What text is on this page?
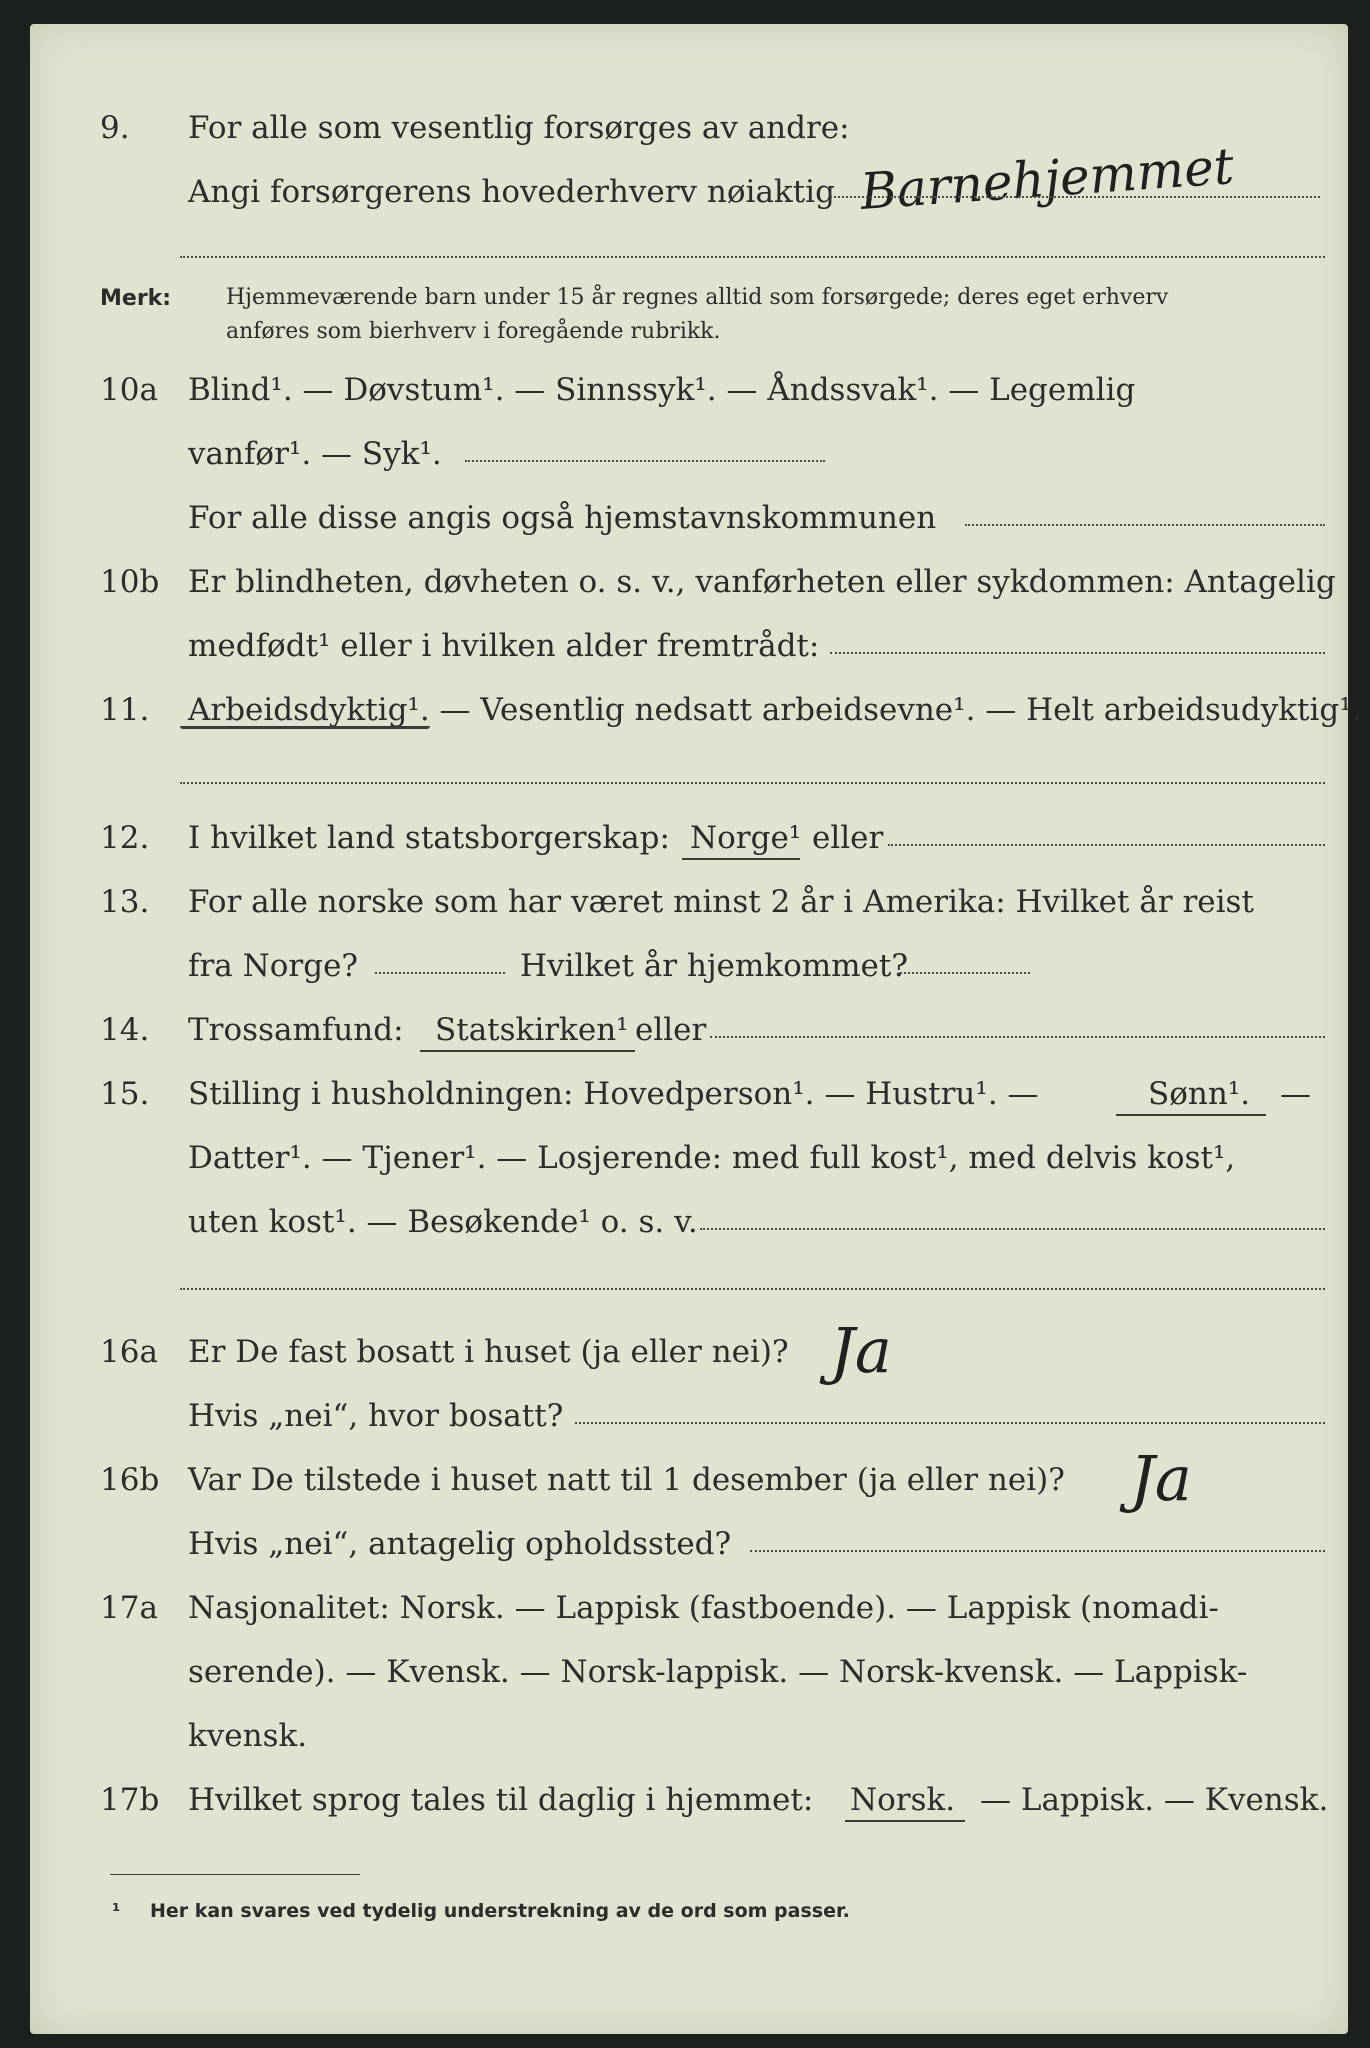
9.	For alle som vesentlig forsørges av andre:
Angi forsørgerens hovederhverv nøiaktig Barnehjemmet
Merk: Hjemmeværende barn under 15 år regnes alltid som forsørgede; deres eget erhverv
anføres som bierhverv i foregående rubrikk.
10a Blind¹. — Døvstum¹. — Sinnssyk¹. — Åndssvak¹. — Legemlig
vanfør¹. — Syk¹.
For alle disse angis også hjemstavnskommunen
10b Er blindheten, døvheten o. s. v., vanførheten eller sykdommen: Antagelig
medfødt¹ eller i hvilken alder fremtrådt:
11.	Arbeidsdyktig¹. — Vesentlig nedsatt arbeidsevne¹. — Helt arbeidsudyktig¹.
12.	I hvilket land statsborgerskap: Norge¹ eller
13.	For alle norske som har været minst 2 år i Amerika: Hvilket år reist
fra Norge?	Hvilket år hjemkommet?
14.	Trossamfund: Statskirken¹ eller
15.	Stilling i husholdningen: Hovedperson¹. — Hustru¹. —	Sønn¹. —
Datter¹. — Tjener¹. — Losjerende: med full kost¹, med delvis kost¹,
uten kost¹. — Besøkende¹ o. s. v.
16a Er De fast bosatt i huset (ja eller nei)? Ja
Hvis „nei“, hvor bosatt?
16b Var De tilstede i huset natt til 1 desember (ja eller nei)? Ja
Hvis „nei“, antagelig opholdssted?
17a Nasjonalitet: Norsk. — Lappisk (fastboende). — Lappisk (nomadi-
serende). — Kvensk. — Norsk-lappisk. — Norsk-kvensk. — Lappisk-
kvensk.
17b Hvilket sprog tales til daglig i hjemmet: Norsk. — Lappisk. — Kvensk.
¹ Her kan svares ved tydelig understrekning av de ord som passer.
